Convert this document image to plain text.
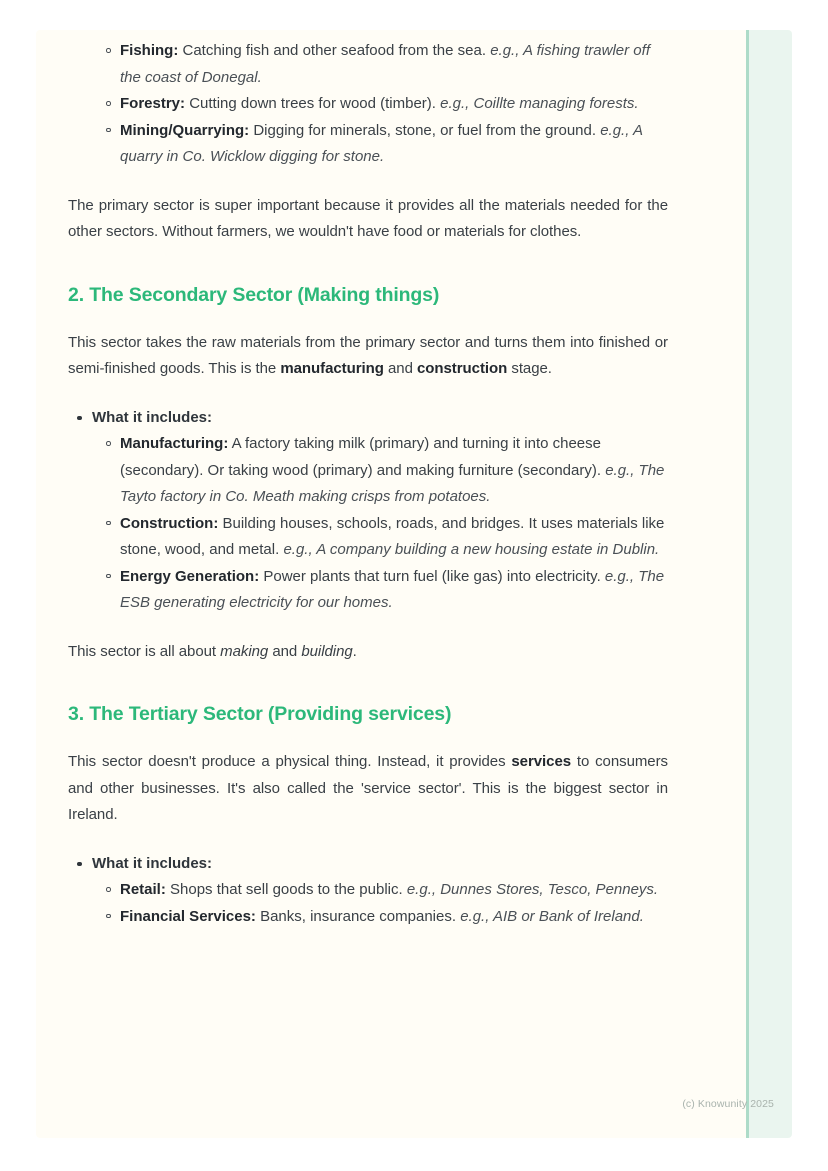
Fishing: Catching fish and other seafood from the sea. e.g., A fishing trawler off the coast of Donegal.
Forestry: Cutting down trees for wood (timber). e.g., Coillte managing forests.
Mining/Quarrying: Digging for minerals, stone, or fuel from the ground. e.g., A quarry in Co. Wicklow digging for stone.

The primary sector is super important because it provides all the materials needed for the other sectors. Without farmers, we wouldn't have food or materials for clothes.

2. The Secondary Sector (Making things)

This sector takes the raw materials from the primary sector and turns them into finished or semi-finished goods. This is the manufacturing and construction stage.

What it includes:
Manufacturing: A factory taking milk (primary) and turning it into cheese (secondary). Or taking wood (primary) and making furniture (secondary). e.g., The Tayto factory in Co. Meath making crisps from potatoes.
Construction: Building houses, schools, roads, and bridges. It uses materials like stone, wood, and metal. e.g., A company building a new housing estate in Dublin.
Energy Generation: Power plants that turn fuel (like gas) into electricity. e.g., The ESB generating electricity for our homes.

This sector is all about making and building.

3. The Tertiary Sector (Providing services)

This sector doesn't produce a physical thing. Instead, it provides services to consumers and other businesses. It's also called the 'service sector'. This is the biggest sector in Ireland.

What it includes:
Retail: Shops that sell goods to the public. e.g., Dunnes Stores, Tesco, Penneys.
Financial Services: Banks, insurance companies. e.g., AIB or Bank of Ireland.
(c) Knowunity 2025
